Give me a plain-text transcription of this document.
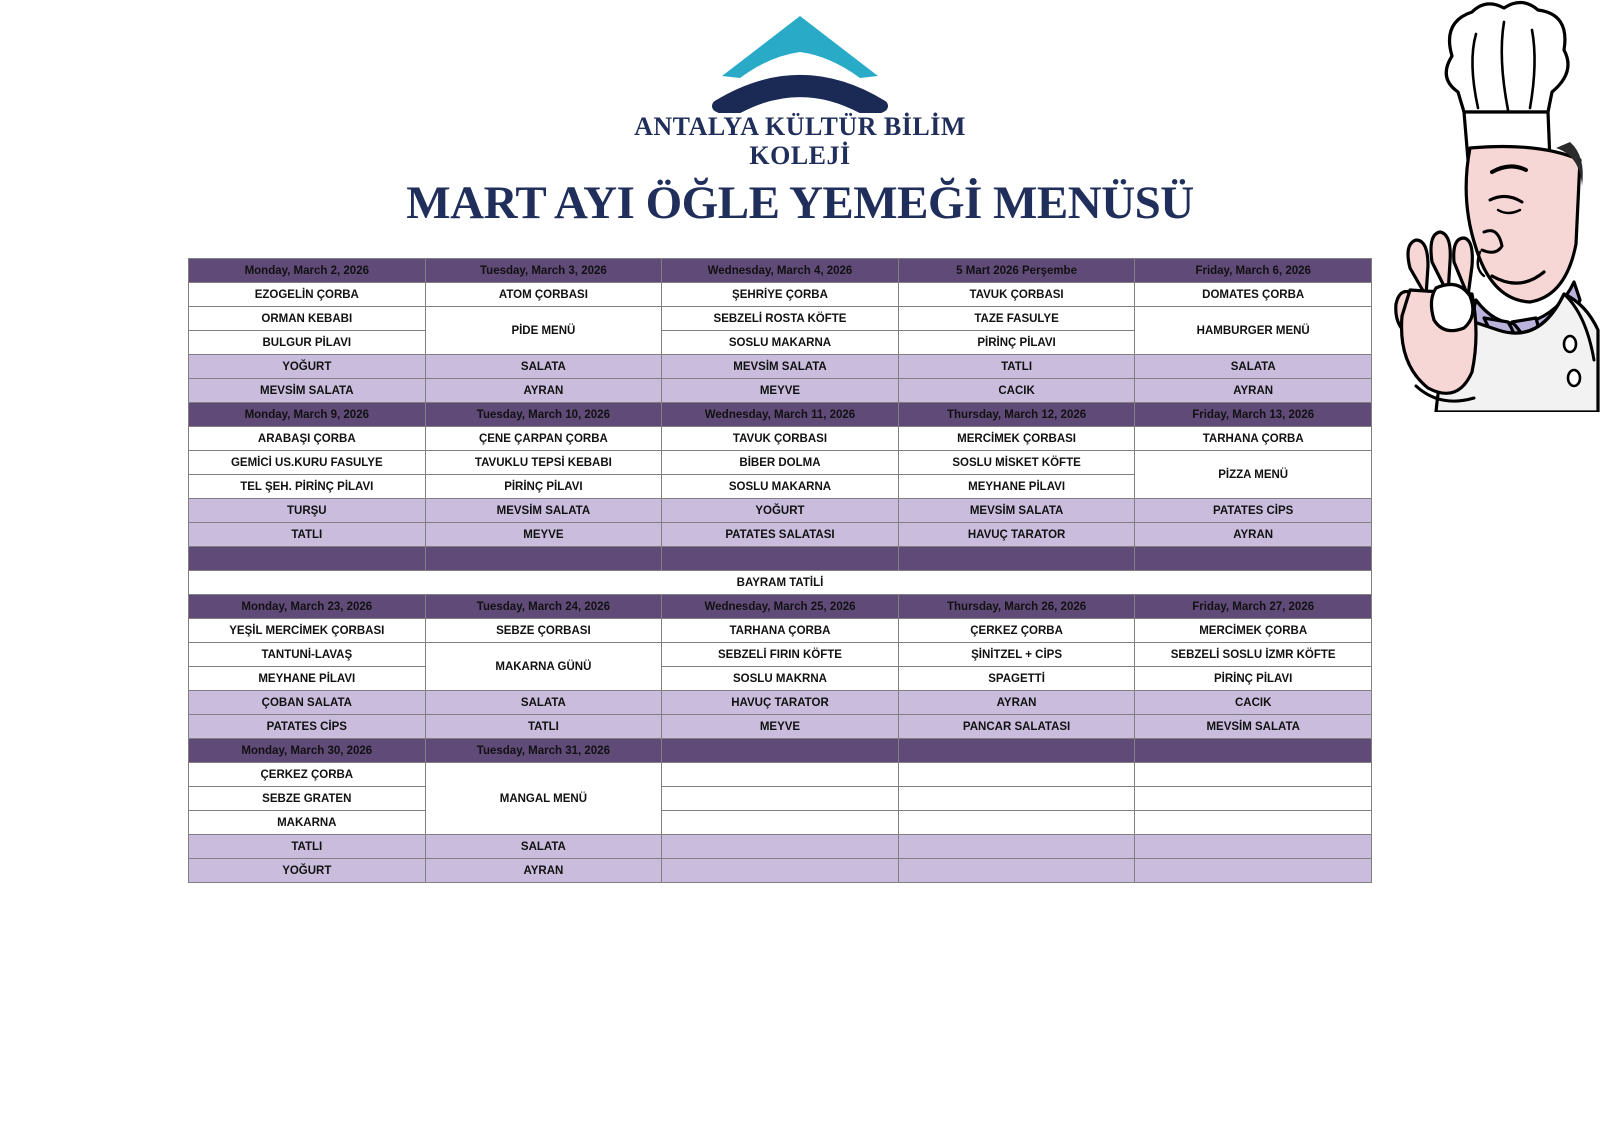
ANTALYA KÜLTÜR BİLİM
KOLEJİ
MART AYI ÖĞLE YEMEĞİ MENÜSÜ
Monday, March 2, 2026	Tuesday, March 3, 2026	Wednesday, March 4, 2026	5 Mart 2026 Perşembe	Friday, March 6, 2026
EZOGELİN ÇORBA	ATOM ÇORBASI	ŞEHRİYE ÇORBA	TAVUK ÇORBASI	DOMATES ÇORBA
ORMAN KEBABI	PİDE MENÜ	SEBZELİ ROSTA KÖFTE	TAZE FASULYE	HAMBURGER MENÜ
BULGUR PİLAVI		SOSLU MAKARNA	PİRİNÇ PİLAVI	
YOĞURT	SALATA	MEVSİM SALATA	TATLI	SALATA
MEVSİM SALATA	AYRAN	MEYVE	CACIK	AYRAN
Monday, March 9, 2026	Tuesday, March 10, 2026	Wednesday, March 11, 2026	Thursday, March 12, 2026	Friday, March 13, 2026
ARABAŞI ÇORBA	ÇENE ÇARPAN ÇORBA	TAVUK ÇORBASI	MERCİMEK ÇORBASI	TARHANA ÇORBA
GEMİCİ US.KURU FASULYE	TAVUKLU TEPSİ KEBABI	BİBER DOLMA	SOSLU MİSKET KÖFTE	PİZZA MENÜ
TEL ŞEH. PİRİNÇ PİLAVI	PİRİNÇ PİLAVI	SOSLU MAKARNA	MEYHANE PİLAVI	
TURŞU	MEVSİM SALATA	YOĞURT	MEVSİM SALATA	PATATES CİPS
TATLI	MEYVE	PATATES SALATASI	HAVUÇ TARATOR	AYRAN

BAYRAM TATİLİ				
Monday, March 23, 2026	Tuesday, March 24, 2026	Wednesday, March 25, 2026	Thursday, March 26, 2026	Friday, March 27, 2026
YEŞİL MERCİMEK ÇORBASI	SEBZE ÇORBASI	TARHANA ÇORBA	ÇERKEZ ÇORBA	MERCİMEK ÇORBA
TANTUNİ-LAVAŞ	MAKARNA GÜNÜ	SEBZELİ FIRIN KÖFTE	ŞİNİTZEL + CİPS	SEBZELİ SOSLU İZMR KÖFTE
MEYHANE PİLAVI		SOSLU MAKRNA	SPAGETTİ	PİRİNÇ PİLAVI
ÇOBAN SALATA	SALATA	HAVUÇ TARATOR	AYRAN	CACIK
PATATES CİPS	TATLI	MEYVE	PANCAR SALATASI	MEVSİM SALATA
Monday, March 30, 2026	Tuesday, March 31, 2026			
ÇERKEZ ÇORBA	MANGAL MENÜ			
SEBZE GRATEN				
MAKARNA				
TATLI	SALATA			
YOĞURT	AYRAN			
